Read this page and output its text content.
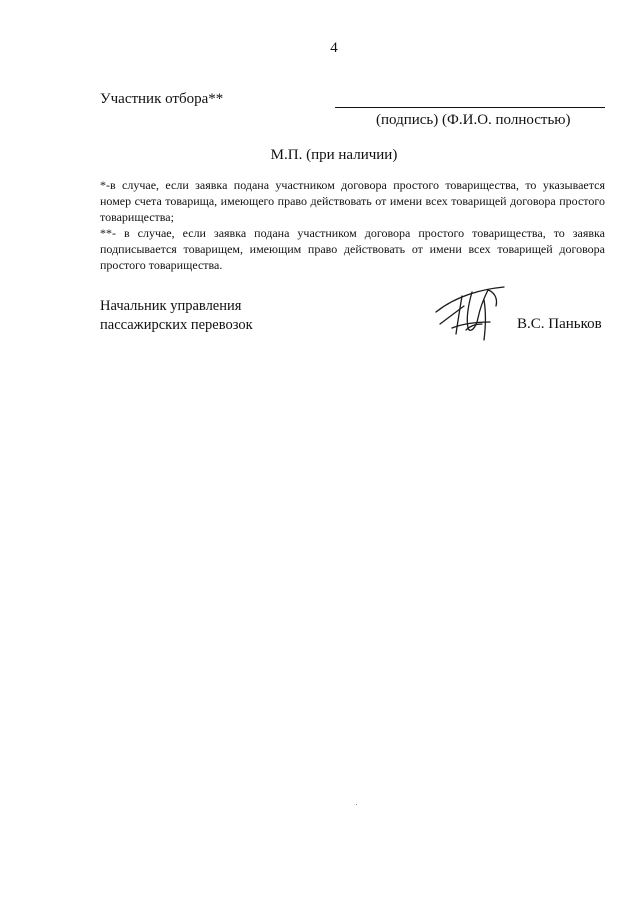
4
Участник отбора**
(подпись) (Ф.И.О. полностью)
М.П. (при наличии)

*-в случае, если заявка подана участником договора простого товарищества, то указывается номер счета товарища, имеющего право действовать от имени всех товарищей договора простого товарищества;

**- в случае, если заявка подана участником договора простого товарищества, то заявка подписывается товарищем, имеющим право действовать от имени всех товарищей договора простого товарищества.

Начальник управления
пассажирских перевозок	В.С. Паньков
